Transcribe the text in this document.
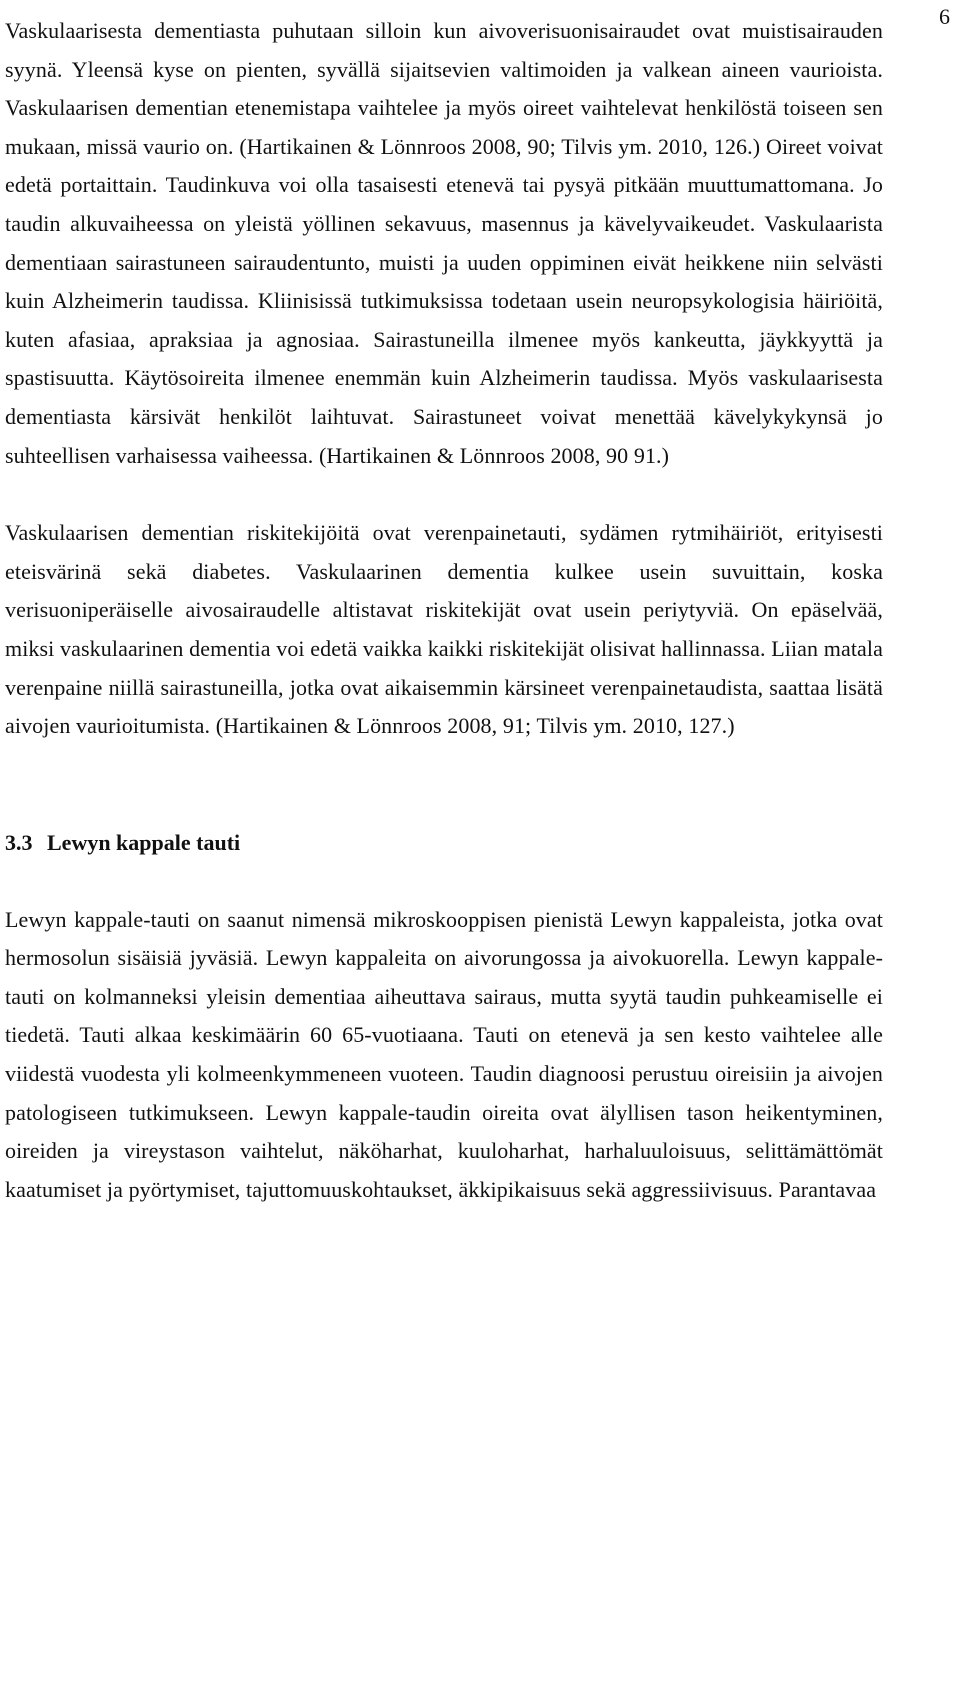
6

Vaskulaarisesta dementiasta puhutaan silloin kun aivoverisuonisairaudet ovat muistisairauden syynä. Yleensä kyse on pienten, syvällä sijaitsevien valtimoiden ja valkean aineen vaurioista. Vaskulaarisen dementian etenemistapa vaihtelee ja myös oireet vaihtelevat henkilöstä toiseen sen mukaan, missä vaurio on. (Hartikainen & Lönnroos 2008, 90; Tilvis ym. 2010, 126.) Oireet voivat edetä portaittain. Taudinkuva voi olla tasaisesti etenevä tai pysyä pitkään muuttumattomana. Jo taudin alkuvaiheessa on yleistä yöllinen sekavuus, masennus ja kävelyvaikeudet. Vaskulaarista dementiaan sairastuneen sairaudentunto, muisti ja uuden oppiminen eivät heikkene niin selvästi kuin Alzheimerin taudissa. Kliinisissä tutkimuksissa todetaan usein neuropsykologisia häiriöitä, kuten afasiaa, apraksiaa ja agnosiaa. Sairastuneilla ilmenee myös kankeutta, jäykkyyttä ja spastisuutta. Käytösoireita ilmenee enemmän kuin Alzheimerin taudissa. Myös vaskulaarisesta dementiasta kärsivät henkilöt laihtuvat. Sairastuneet voivat menettää kävelykykynsä jo suhteellisen varhaisessa vaiheessa. (Hartikainen & Lönnroos 2008, 90 91.)

Vaskulaarisen dementian riskitekijöitä ovat verenpainetauti, sydämen rytmihäiriöt, erityisesti eteisvärinä sekä diabetes. Vaskulaarinen dementia kulkee usein suvuittain, koska verisuoniperäiselle aivosairaudelle altistavat riskitekijät ovat usein periytyviä. On epäselvää, miksi vaskulaarinen dementia voi edetä vaikka kaikki riskitekijät olisivat hallinnassa. Liian matala verenpaine niillä sairastuneilla, jotka ovat aikaisemmin kärsineet verenpainetaudista, saattaa lisätä aivojen vaurioitumista. (Hartikainen & Lönnroos 2008, 91; Tilvis ym. 2010, 127.)

3.3 Lewyn kappale tauti

Lewyn kappale-tauti on saanut nimensä mikroskooppisen pienistä Lewyn kappaleista, jotka ovat hermosolun sisäisiä jyväsiä. Lewyn kappaleita on aivorungossa ja aivokuorella. Lewyn kappale-tauti on kolmanneksi yleisin dementiaa aiheuttava sairaus, mutta syytä taudin puhkeamiselle ei tiedetä. Tauti alkaa keskimäärin 60 65-vuotiaana. Tauti on etenevä ja sen kesto vaihtelee alle viidestä vuodesta yli kolmeenkymmeneen vuoteen. Taudin diagnoosi perustuu oireisiin ja aivojen patologiseen tutkimukseen. Lewyn kappale-taudin oireita ovat älyllisen tason heikentyminen, oireiden ja vireystason vaihtelut, näköharhat, kuuloharhat, harhaluuloisuus, selittämättömät kaatumiset ja pyörtymiset, tajuttomuuskohtaukset, äkkipikaisuus sekä aggressiivisuus. Parantavaa
